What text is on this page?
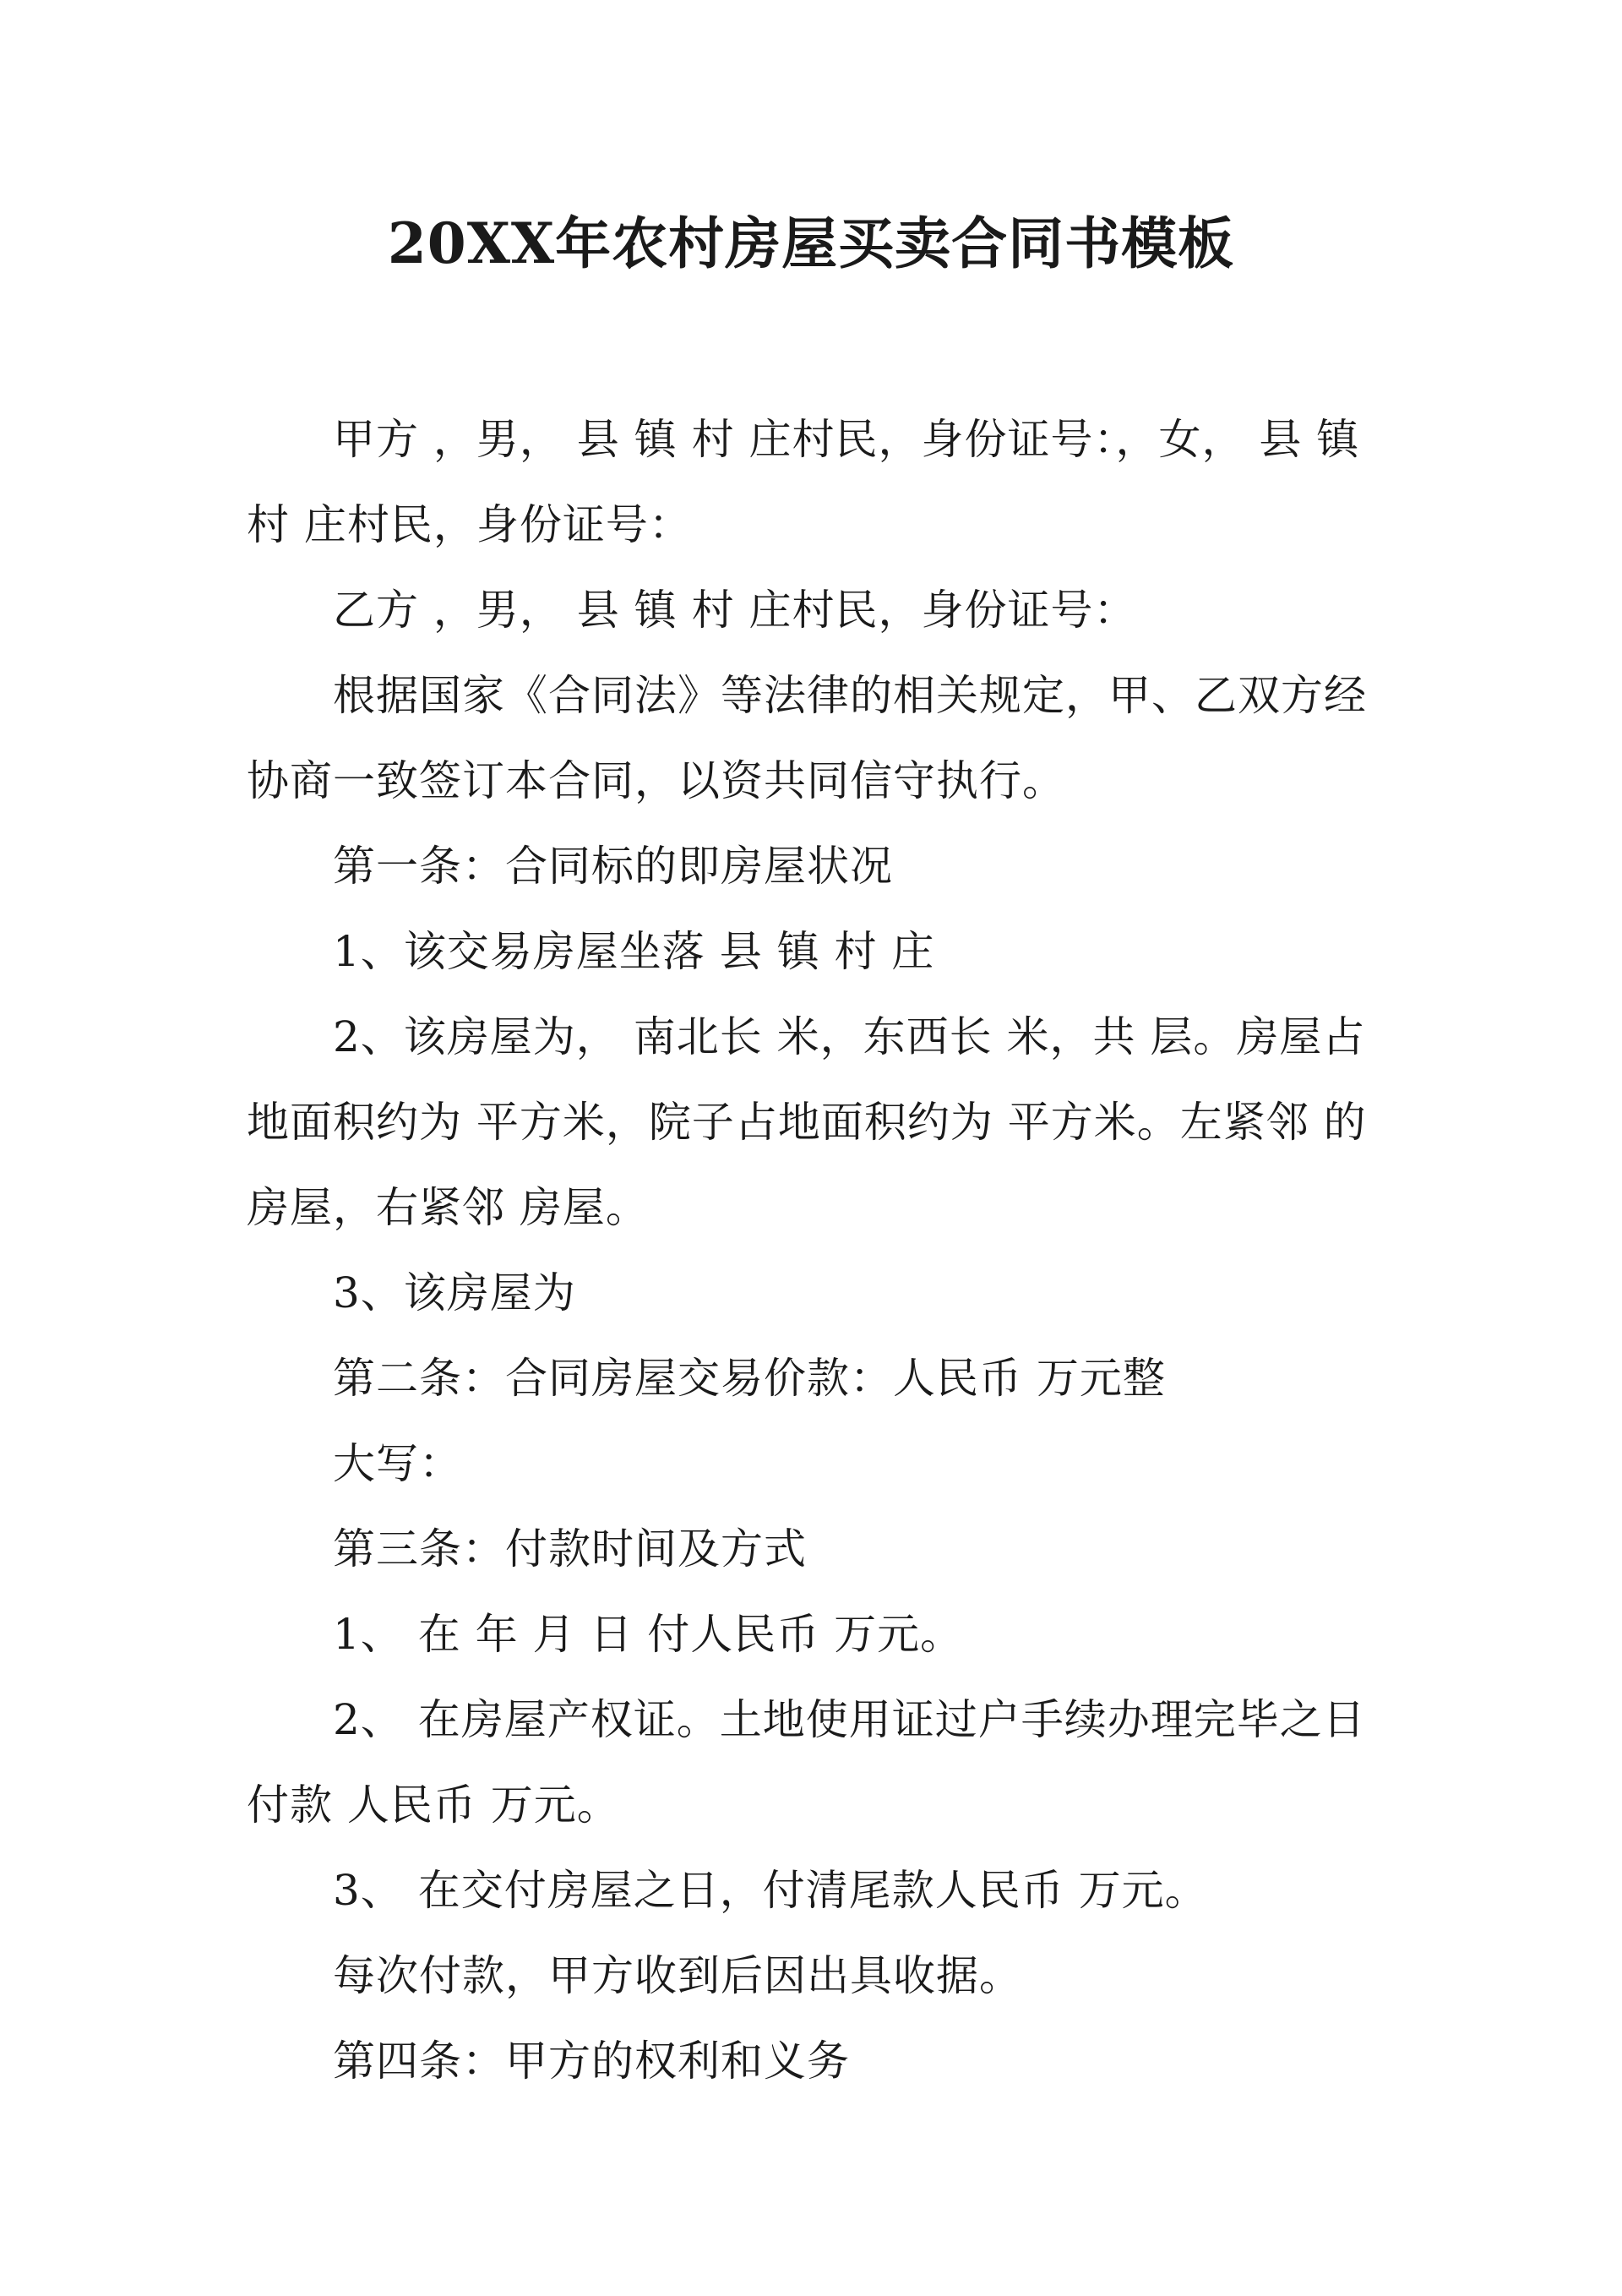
20XX年农村房屋买卖合同书模板

甲方 ，男， 县 镇 村 庄村民，身份证号：，女， 县 镇 村 庄村民，身份证号：

乙方 ，男， 县 镇 村 庄村民，身份证号：

根据国家《合同法》等法律的相关规定，甲、乙双方经协商一致签订本合同，以资共同信守执行。

第一条：合同标的即房屋状况

1、该交易房屋坐落 县 镇 村 庄

2、该房屋为， 南北长 米，东西长 米，共 层。房屋占地面积约为 平方米，院子占地面积约为 平方米。左紧邻 的房屋，右紧邻 房屋。

3、该房屋为

第二条：合同房屋交易价款：人民币 万元整

大写：

第三条：付款时间及方式

1、 在 年 月 日 付人民币 万元。

2、 在房屋产权证。土地使用证过户手续办理完毕之日付款 人民币 万元。

3、 在交付房屋之日，付清尾款人民币 万元。

每次付款，甲方收到后因出具收据。

第四条：甲方的权利和义务
